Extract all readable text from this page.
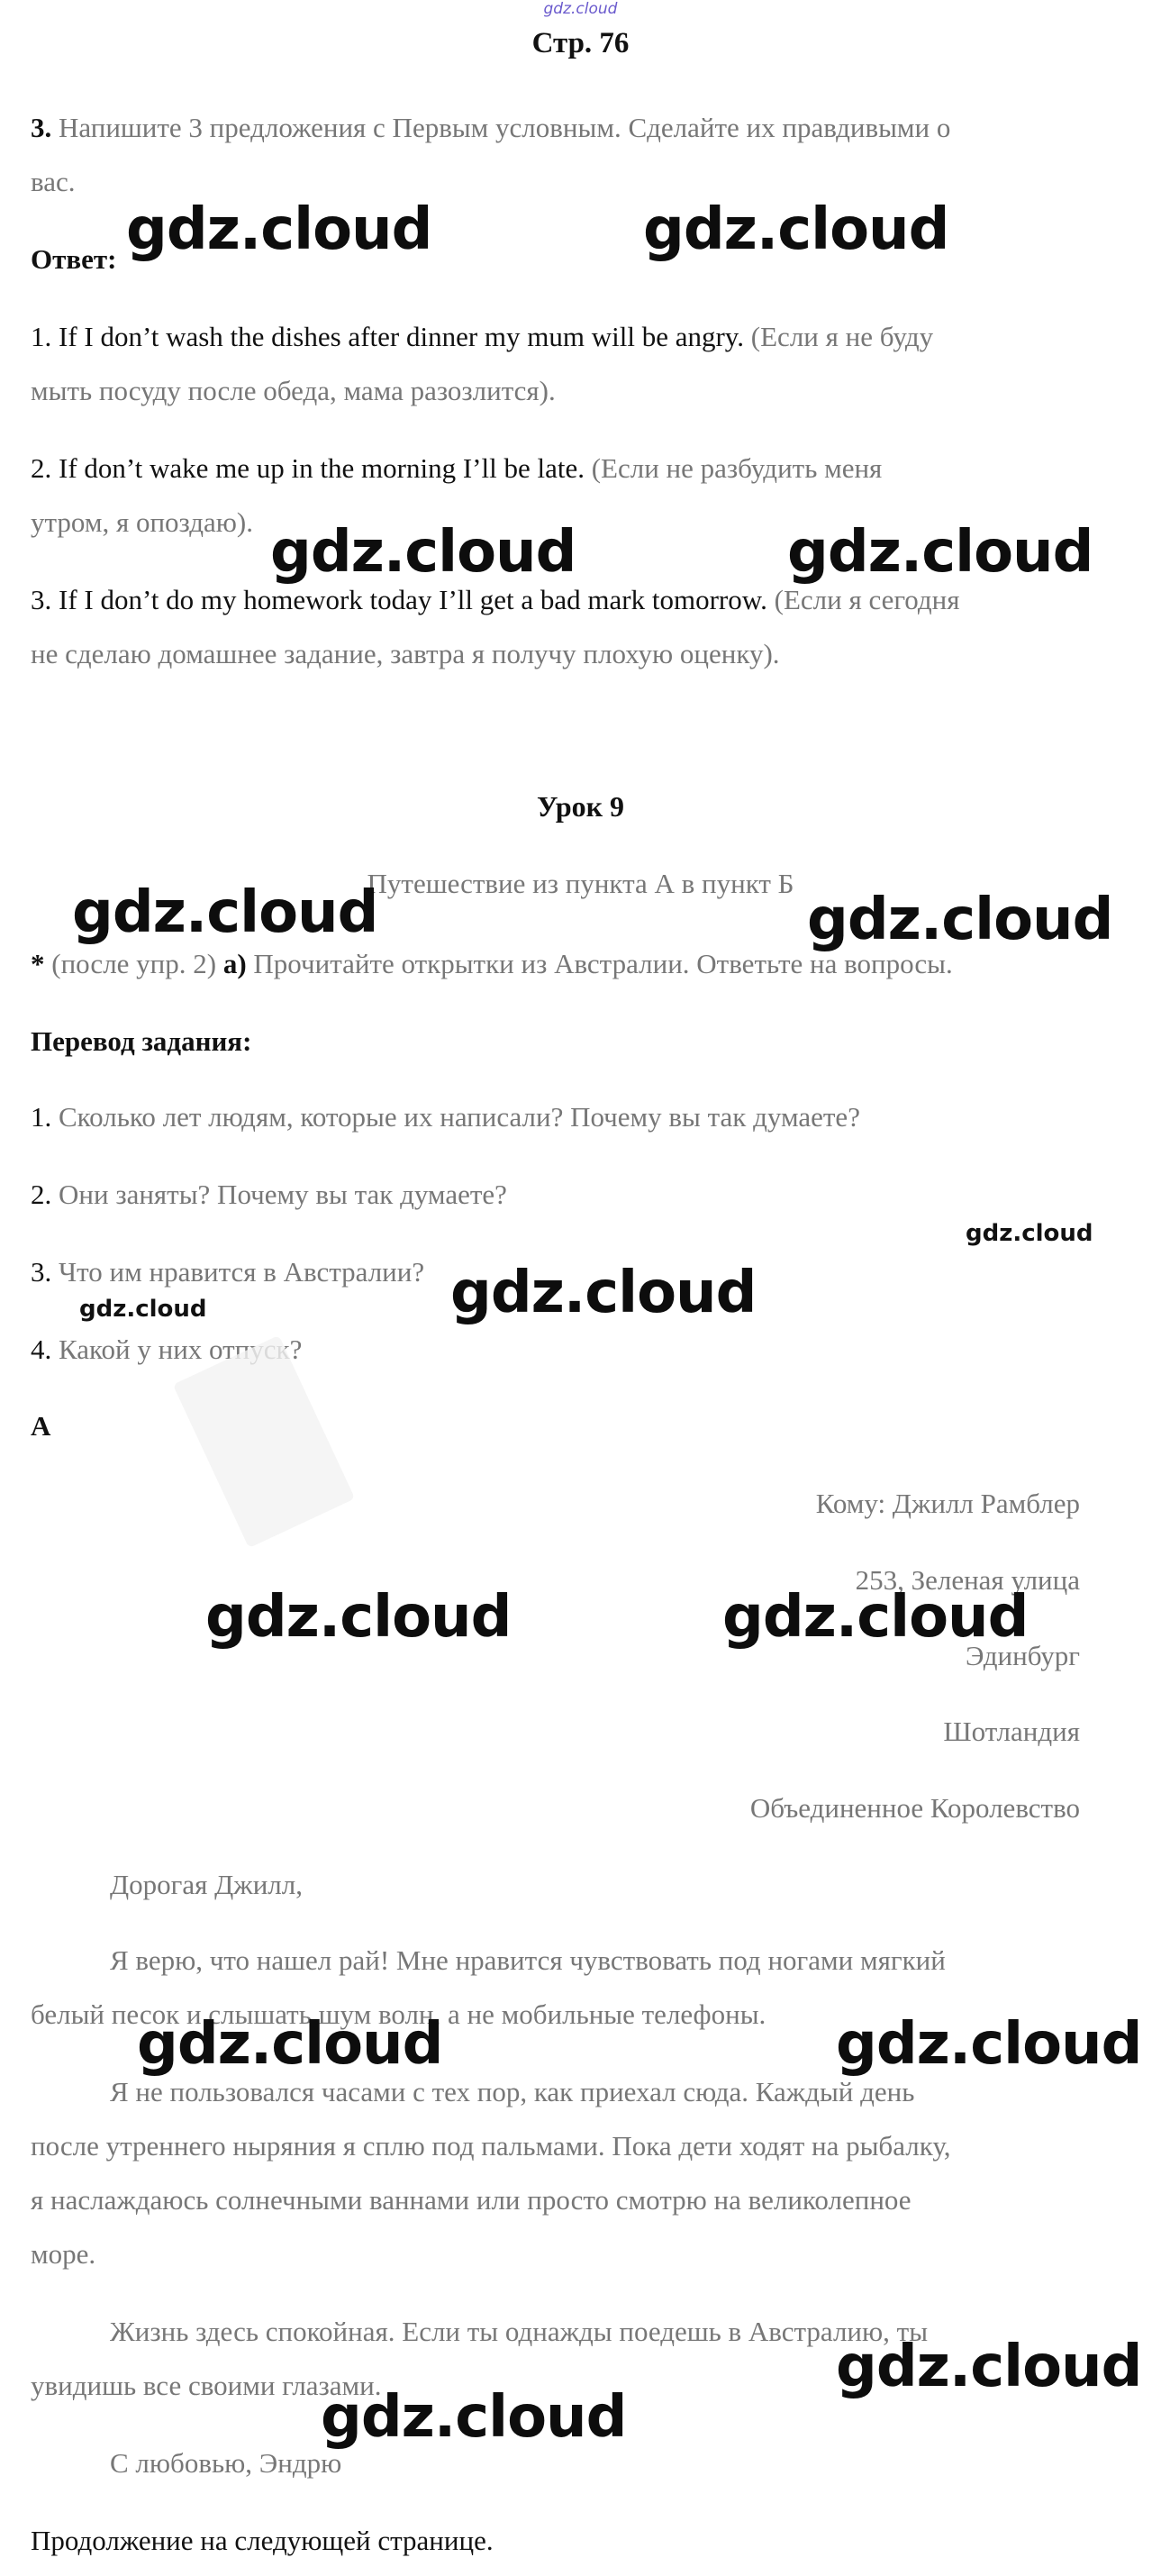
gdz.cloud
Стр. 76
3. Напишите 3 предложения с Первым условным. Сделайте их правдивыми о
вас.
Ответ:
1. If I don’t wash the dishes after dinner my mum will be angry. (Если я не буду
мыть посуду после обеда, мама разозлится).
2. If don’t wake me up in the morning I’ll be late. (Если не разбудить меня
утром, я опоздаю).
3. If I don’t do my homework today I’ll get a bad mark tomorrow. (Если я сегодня
не сделаю домашнее задание, завтра я получу плохую оценку).
Урок 9
Путешествие из пункта А в пункт Б
* (после упр. 2) a) Прочитайте открытки из Австралии. Ответьте на вопросы.
Перевод задания:
1. Сколько лет людям, которые их написали? Почему вы так думаете?
2. Они заняты? Почему вы так думаете?
3. Что им нравится в Австралии?
4. Какой у них отпуск?
A
Кому: Джилл Рамблер
253, Зеленая улица
Эдинбург
Шотландия
Объединенное Королевство
Дорогая Джилл,
Я верю, что нашел рай! Мне нравится чувствовать под ногами мягкий
белый песок и слышать шум волн, а не мобильные телефоны.
Я не пользовался часами с тех пор, как приехал сюда. Каждый день
после утреннего ныряния я сплю под пальмами. Пока дети ходят на рыбалку,
я наслаждаюсь солнечными ваннами или просто смотрю на великолепное
море.
Жизнь здесь спокойная. Если ты однажды поедешь в Австралию, ты
увидишь все своими глазами.
С любовью, Эндрю
Продолжение на следующей странице.
gdz.cloud	gdz.cloud
gdz.cloud	gdz.cloud
gdz.cloud	gdz.cloud
gdz.cloud
gdz.cloud	gdz.cloud
gdz.cloud	gdz.cloud
gdz.cloud	gdz.cloud
gdz.cloud
gdz.cloud
